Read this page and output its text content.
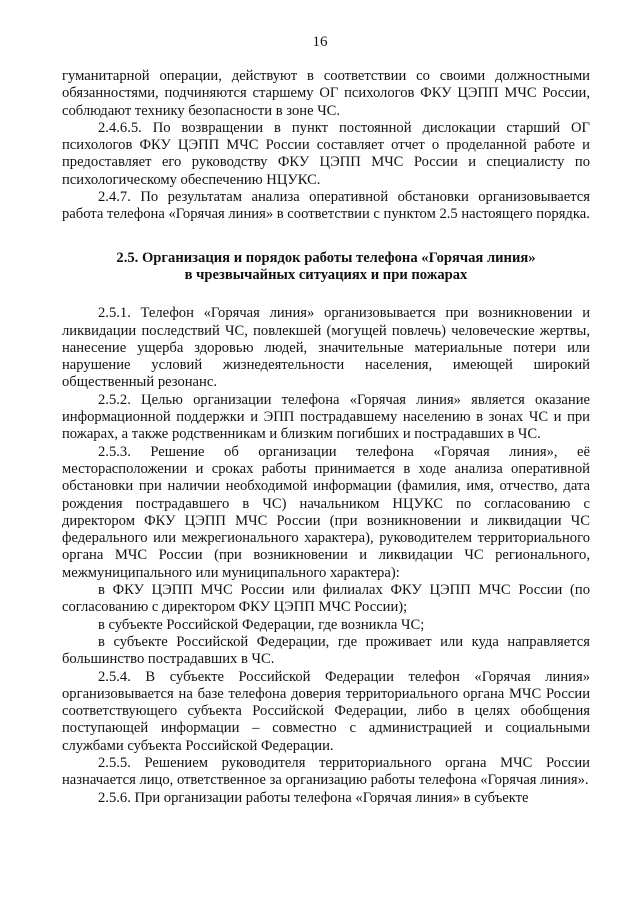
16

гуманитарной операции, действуют в соответствии со своими должностными обязанностями, подчиняются старшему ОГ психологов ФКУ ЦЭПП МЧС России, соблюдают технику безопасности в зоне ЧС.

2.4.6.5. По возвращении в пункт постоянной дислокации старший ОГ психологов ФКУ ЦЭПП МЧС России составляет отчет о проделанной работе и предоставляет его руководству ФКУ ЦЭПП МЧС России и специалисту по психологическому обеспечению НЦУКС.

2.4.7. По результатам анализа оперативной обстановки организовывается работа телефона «Горячая линия» в соответствии с пунктом 2.5 настоящего порядка.

2.5. Организация и порядок работы телефона «Горячая линия»
в чрезвычайных ситуациях и при пожарах

2.5.1. Телефон «Горячая линия» организовывается при возникновении и ликвидации последствий ЧС, повлекшей (могущей повлечь) человеческие жертвы, нанесение ущерба здоровью людей, значительные материальные потери или нарушение условий жизнедеятельности населения, имеющей широкий общественный резонанс.

2.5.2. Целью организации телефона «Горячая линия» является оказание информационной поддержки и ЭПП пострадавшему населению в зонах ЧС и при пожарах, а также родственникам и близким погибших и пострадавших в ЧС.

2.5.3. Решение об организации телефона «Горячая линия», её месторасположении и сроках работы принимается в ходе анализа оперативной обстановки при наличии необходимой информации (фамилия, имя, отчество, дата рождения пострадавшего в ЧС) начальником НЦУКС по согласованию с директором ФКУ ЦЭПП МЧС России (при возникновении и ликвидации ЧС федерального или межрегионального характера), руководителем территориального органа МЧС России (при возникновении и ликвидации ЧС регионального, межмуниципального или муниципального характера):

в ФКУ ЦЭПП МЧС России или филиалах ФКУ ЦЭПП МЧС России (по согласованию с директором ФКУ ЦЭПП МЧС России);

в субъекте Российской Федерации, где возникла ЧС;

в субъекте Российской Федерации, где проживает или куда направляется большинство пострадавших в ЧС.

2.5.4. В субъекте Российской Федерации телефон «Горячая линия» организовывается на базе телефона доверия территориального органа МЧС России соответствующего субъекта Российской Федерации, либо в целях обобщения поступающей информации – совместно с администрацией и социальными службами субъекта Российской Федерации.

2.5.5. Решением руководителя территориального органа МЧС России назначается лицо, ответственное за организацию работы телефона «Горячая линия».

2.5.6. При организации работы телефона «Горячая линия» в субъекте
